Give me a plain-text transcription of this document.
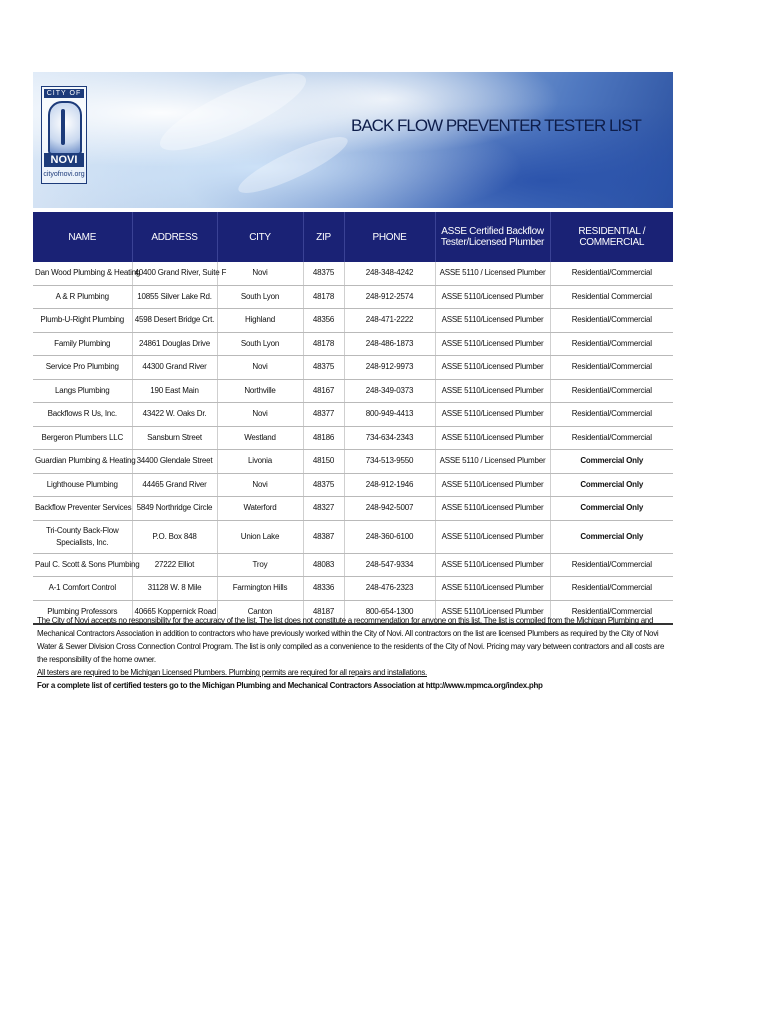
CITY OF
NOVI
cityofnovi.org
BACK FLOW PREVENTER TESTER LIST
NAME	ADDRESS	CITY	ZIP	PHONE	ASSE Certified Backflow Tester/Licensed Plumber	RESIDENTIAL / COMMERCIAL
Dan Wood Plumbing & Heating	40400 Grand River, Suite F	Novi	48375	248-348-4242	ASSE 5110 / Licensed Plumber	Residential/Commercial
A & R Plumbing	10855 Silver Lake Rd.	South Lyon	48178	248-912-2574	ASSE 5110/Licensed Plumber	Residential Commercial
Plumb-U-Right Plumbing	4598 Desert Bridge Crt.	Highland	48356	248-471-2222	ASSE 5110/Licensed Plumber	Residential/Commercial
Family Plumbing	24861 Douglas Drive	South Lyon	48178	248-486-1873	ASSE 5110/Licensed Plumber	Residential/Commercial
Service Pro Plumbing	44300 Grand River	Novi	48375	248-912-9973	ASSE 5110/Licensed Plumber	Residential/Commercial
Langs Plumbing	190 East Main	Northville	48167	248-349-0373	ASSE 5110/Licensed Plumber	Residential/Commercial
Backflows R Us, Inc.	43422 W. Oaks Dr.	Novi	48377	800-949-4413	ASSE 5110/Licensed Plumber	Residential/Commercial
Bergeron Plumbers LLC	Sansburn Street	Westland	48186	734-634-2343	ASSE 5110/Licensed Plumber	Residential/Commercial
Guardian Plumbing & Heating	34400 Glendale Street	Livonia	48150	734-513-9550	ASSE 5110 / Licensed Plumber	Commercial Only
Lighthouse Plumbing	44465 Grand River	Novi	48375	248-912-1946	ASSE 5110/Licensed Plumber	Commercial Only
Backflow Preventer Services	5849 Northridge Circle	Waterford	48327	248-942-5007	ASSE 5110/Licensed Plumber	Commercial Only
Tri-County Back-Flow Specialists, Inc.	P.O. Box 848	Union Lake	48387	248-360-6100	ASSE 5110/Licensed Plumber	Commercial Only
Paul C. Scott & Sons Plumbing	27222 Elliot	Troy	48083	248-547-9334	ASSE 5110/Licensed Plumber	Residential/Commercial
A-1 Comfort Control	31128 W. 8 Mile	Farmington Hills	48336	248-476-2323	ASSE 5110/Licensed Plumber	Residential/Commercial
Plumbing Professors	40665 Koppernick Road	Canton	48187	800-654-1300	ASSE 5110/Licensed Plumber	Residential/Commercial

The City of Novi accepts no responsibility for the accuracy of the list. The list does not constitute a recommendation for anyone on this list. The list is compiled from the Michigan Plumbing and Mechanical Contractors Association in addition to contractors who have previously worked within the City of Novi. All contractors on the list are licensed Plumbers as required by the City of Novi Water & Sewer Division Cross Connection Control Program. The list is only compiled as a convenience to the residents of the City of Novi. Pricing may vary between contractors and all costs are the responsibility of the home owner.

All testers are required to be Michigan Licensed Plumbers. Plumbing permits are required for all repairs and installations.

For a complete list of certified testers go to the Michigan Plumbing and Mechanical Contractors Association at http://www.mpmca.org/index.php
